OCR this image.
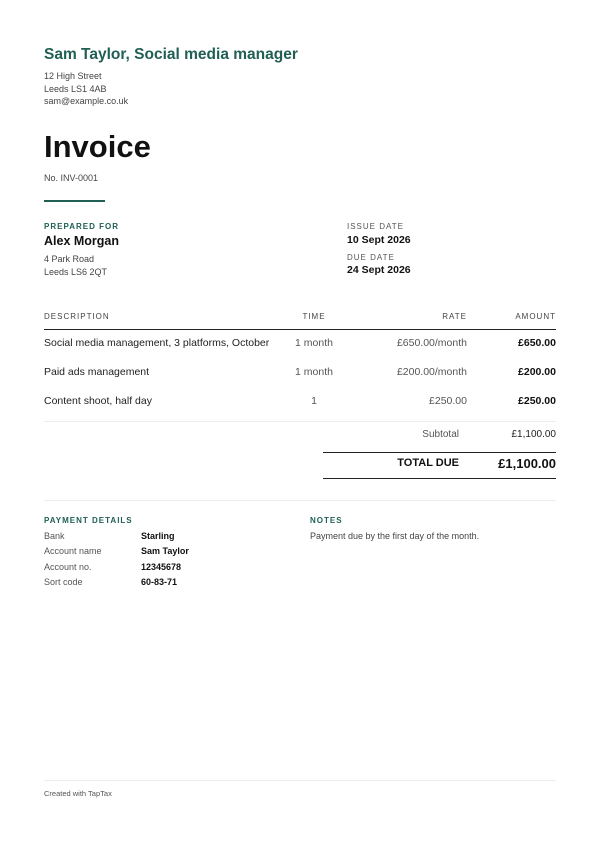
Sam Taylor, Social media manager
12 High Street
Leeds LS1 4AB
sam@example.co.uk
Invoice
No. INV-0001
PREPARED FOR
Alex Morgan
4 Park Road
Leeds LS6 2QT
ISSUE DATE
10 Sept 2026
DUE DATE
24 Sept 2026
DESCRIPTION	TIME	RATE	AMOUNT
Social media management, 3 platforms, October	1 month	£650.00/month	£650.00
Paid ads management	1 month	£200.00/month	£200.00
Content shoot, half day	1	£250.00	£250.00
Subtotal	£1,100.00
TOTAL DUE	£1,100.00
PAYMENT DETAILS
Bank	Starling
Account name	Sam Taylor
Account no.	12345678
Sort code	60-83-71
NOTES
Payment due by the first day of the month.
Created with TapTax
